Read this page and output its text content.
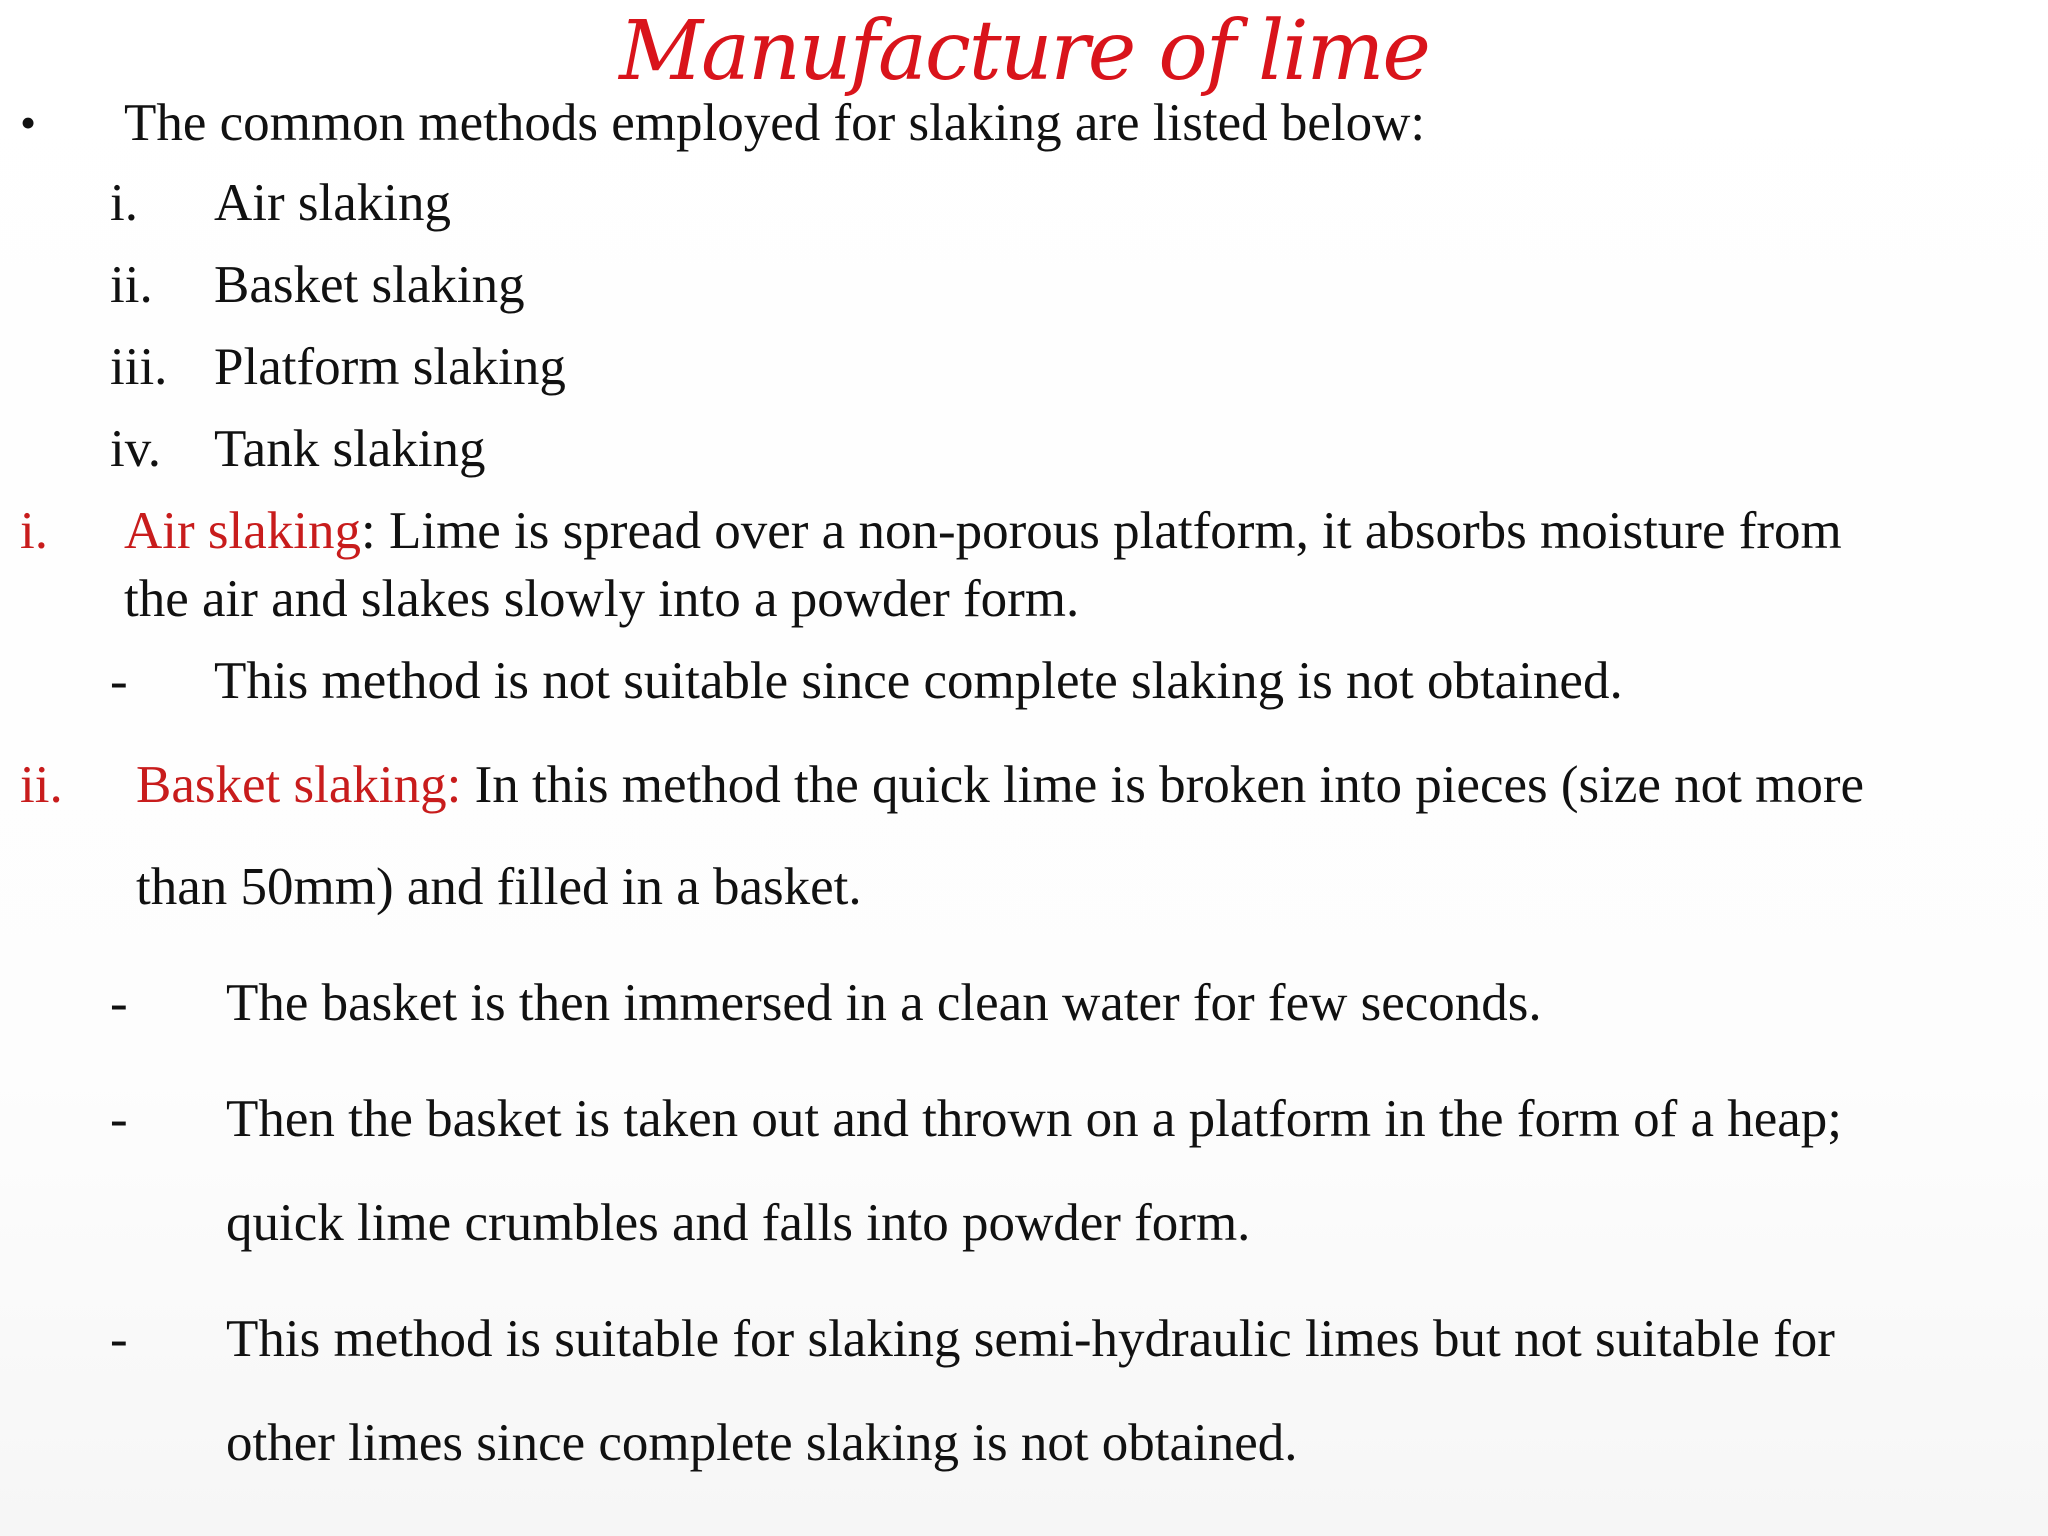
Manufacture of lime
• The common methods employed for slaking are listed below:
i. Air slaking
ii. Basket slaking
iii. Platform slaking
iv. Tank slaking
i. Air slaking: Lime is spread over a non-porous platform, it absorbs moisture from
the air and slakes slowly into a powder form.
- This method is not suitable since complete slaking is not obtained.
ii. Basket slaking: In this method the quick lime is broken into pieces (size not more
than 50mm) and filled in a basket.
- The basket is then immersed in a clean water for few seconds.
- Then the basket is taken out and thrown on a platform in the form of a heap;
quick lime crumbles and falls into powder form.
- This method is suitable for slaking semi-hydraulic limes but not suitable for
other limes since complete slaking is not obtained.
